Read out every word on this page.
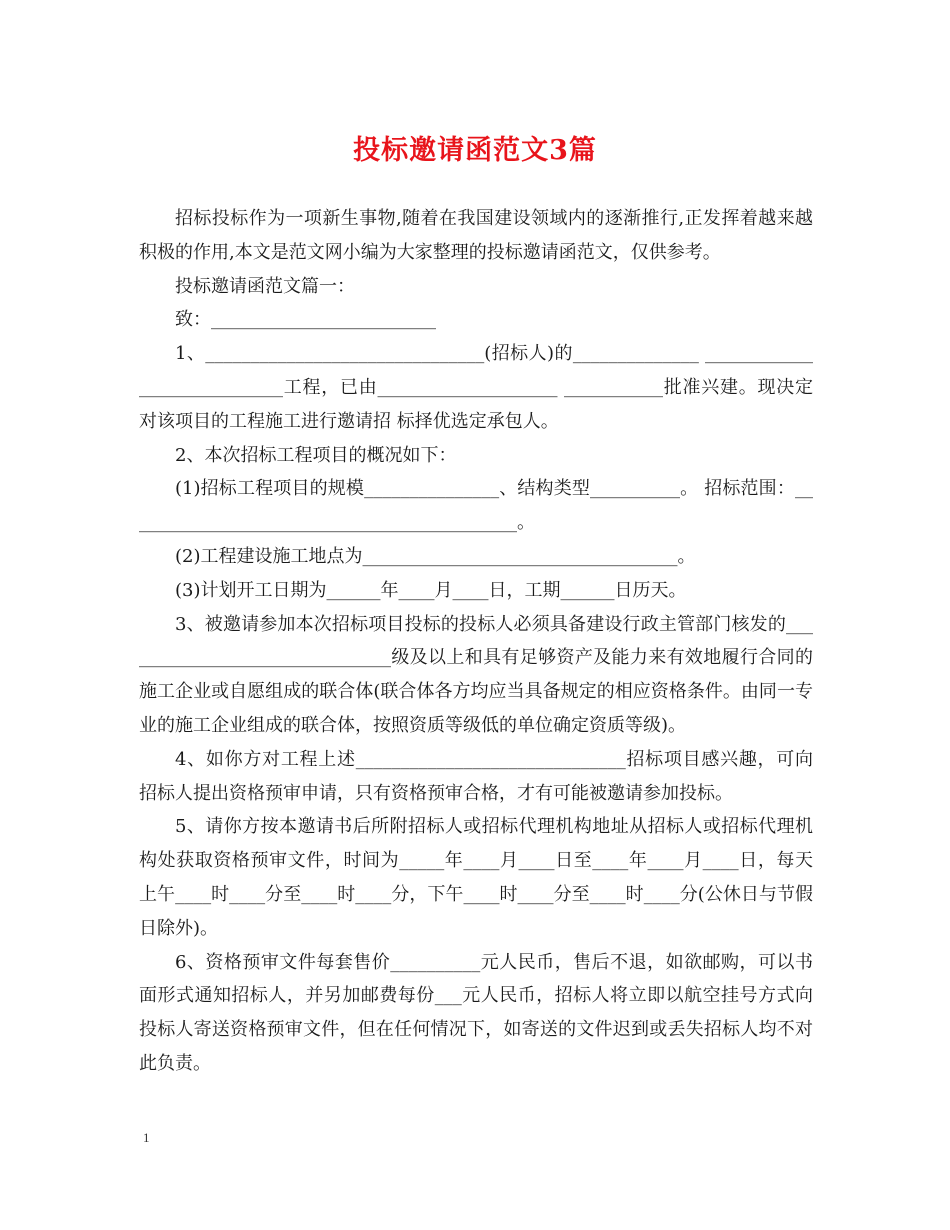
投标邀请函范文3篇

招标投标作为一项新生事物,随着在我国建设领域内的逐渐推行,正发挥着越来越积极的作用,本文是范文网小编为大家整理的投标邀请函范文，仅供参考。

投标邀请函范文篇一：

致：_________________________

1、_______________________________(招标人)的______________ ____________________________工程，已由____________________ ___________批准兴建。现决定对该项目的工程施工进行邀请招 标择优选定承包人。

2、本次招标工程项目的概况如下：

(1)招标工程项目的规模_______________、结构类型__________。 招标范围：____________________________________________。

(2)工程建设施工地点为___________________________________。

(3)计划开工日期为______年____月____日，工期______日历天。

3、被邀请参加本次招标项目投标的投标人必须具备建设行政主管部门核发的_______________________________级及以上和具有足够资产及能力来有效地履行合同的施工企业或自愿组成的联合体(联合体各方均应当具备规定的相应资格条件。由同一专业的施工企业组成的联合体，按照资质等级低的单位确定资质等级)。

4、如你方对工程上述______________________________招标项目感兴趣，可向招标人提出资格预审申请，只有资格预审合格，才有可能被邀请参加投标。

5、请你方按本邀请书后所附招标人或招标代理机构地址从招标人或招标代理机构处获取资格预审文件，时间为_____年____月____日至____年____月____日，每天上午____时____分至____时____分，下午____时____分至____时____分(公休日与节假日除外)。

6、资格预审文件每套售价__________元人民币，售后不退，如欲邮购，可以书面形式通知招标人，并另加邮费每份___元人民币，招标人将立即以航空挂号方式向投标人寄送资格预审文件，但在任何情况下，如寄送的文件迟到或丢失招标人均不对此负责。

1
